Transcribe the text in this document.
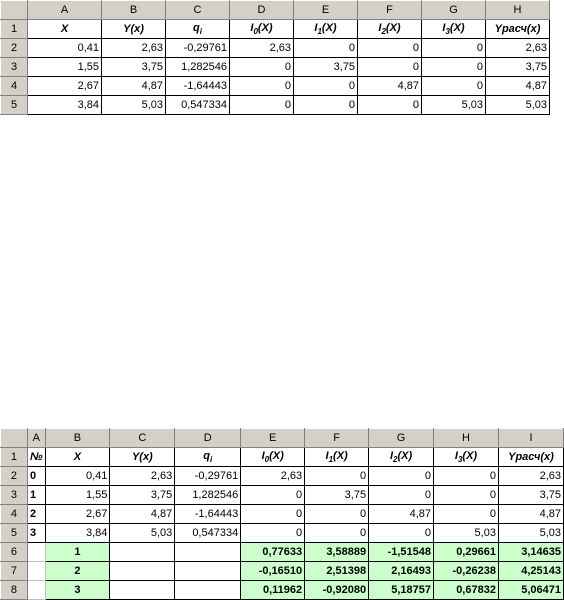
	A	B	C	D	E	F	G	H
1	X	Y(x)	$q_i$	$I_0(X)$	$I_1(X)$	$I_2(X)$	$I_3(X)$	Yрасч(x)
2	0,41	2,63	-0,29761	2,63	0	0	0	2,63
3	1,55	3,75	1,282546	0	3,75	0	0	3,75
4	2,67	4,87	-1,64443	0	0	4,87	0	4,87
5	3,84	5,03	0,547334	0	0	0	5,03	5,03
	A	B	C	D	E	F	G	H	I
1	№	X	Y(x)	$q_i$	$I_0(X)$	$I_1(X)$	$I_2(X)$	$I_3(X)$	Yрасч(x)
2	0	0,41	2,63	-0,29761	2,63	0	0	0	2,63
3	1	1,55	3,75	1,282546	0	3,75	0	0	3,75
4	2	2,67	4,87	-1,64443	0	0	4,87	0	4,87
5	3	3,84	5,03	0,547334	0	0	0	5,03	5,03
6		1			0,77633	3,58889	-1,51548	0,29661	3,14635
7		2			-0,16510	2,51398	2,16493	-0,26238	4,25143
8		3			0,11962	-0,92080	5,18757	0,67832	5,06471
